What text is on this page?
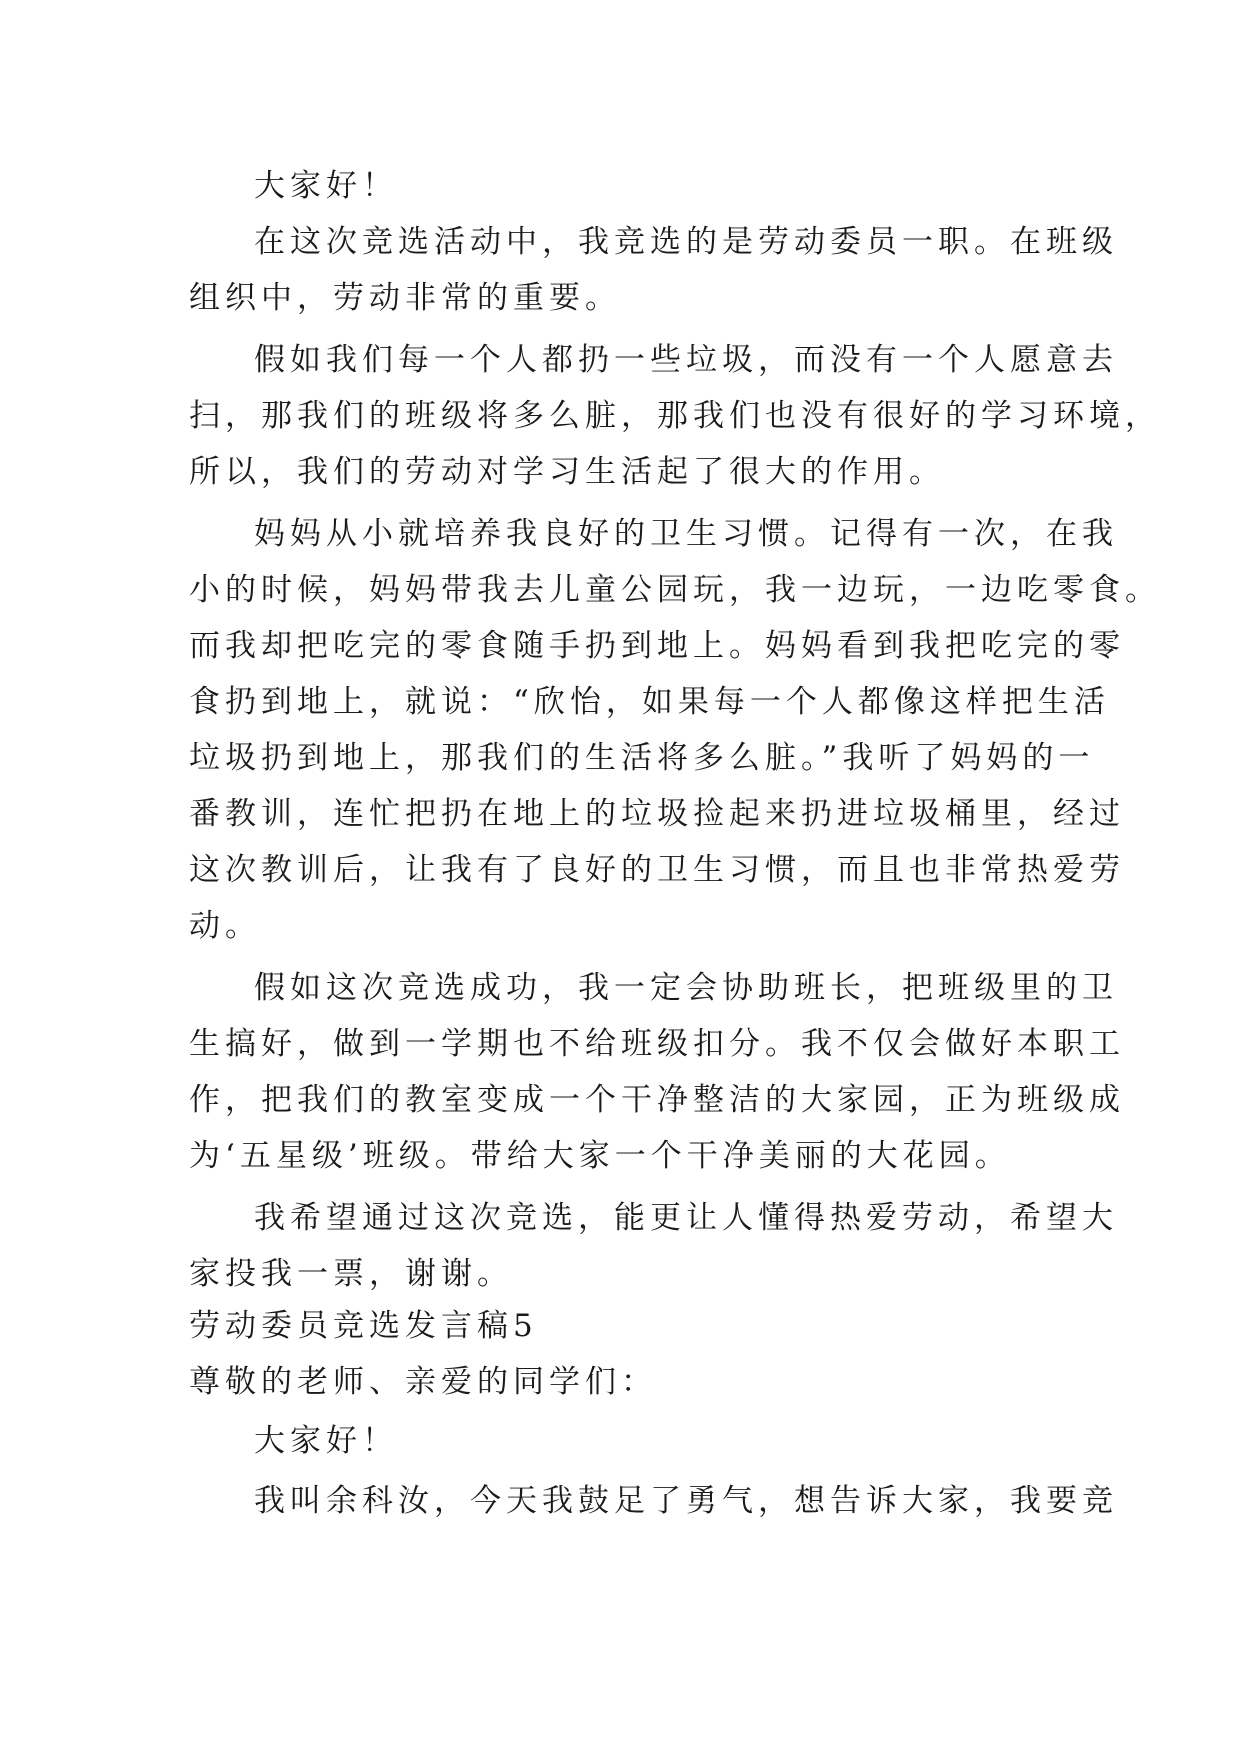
大家好！
在这次竞选活动中，我竞选的是劳动委员一职。在班级
组织中，劳动非常的重要。
假如我们每一个人都扔一些垃圾，而没有一个人愿意去
扫，那我们的班级将多么脏，那我们也没有很好的学习环境，
所以，我们的劳动对学习生活起了很大的作用。
妈妈从小就培养我良好的卫生习惯。记得有一次，在我
小的时候，妈妈带我去儿童公园玩，我一边玩，一边吃零食。
而我却把吃完的零食随手扔到地上。妈妈看到我把吃完的零
食扔到地上，就说：“欣怡，如果每一个人都像这样把生活
垃圾扔到地上，那我们的生活将多么脏。”我听了妈妈的一
番教训，连忙把扔在地上的垃圾捡起来扔进垃圾桶里，经过
这次教训后，让我有了良好的卫生习惯，而且也非常热爱劳
动。
假如这次竞选成功，我一定会协助班长，把班级里的卫
生搞好，做到一学期也不给班级扣分。我不仅会做好本职工
作，把我们的教室变成一个干净整洁的大家园，正为班级成
为‘五星级’班级。带给大家一个干净美丽的大花园。
我希望通过这次竞选，能更让人懂得热爱劳动，希望大
家投我一票，谢谢。
劳动委员竞选发言稿5
尊敬的老师、亲爱的同学们：
大家好！
我叫余科汝，今天我鼓足了勇气，想告诉大家，我要竞
